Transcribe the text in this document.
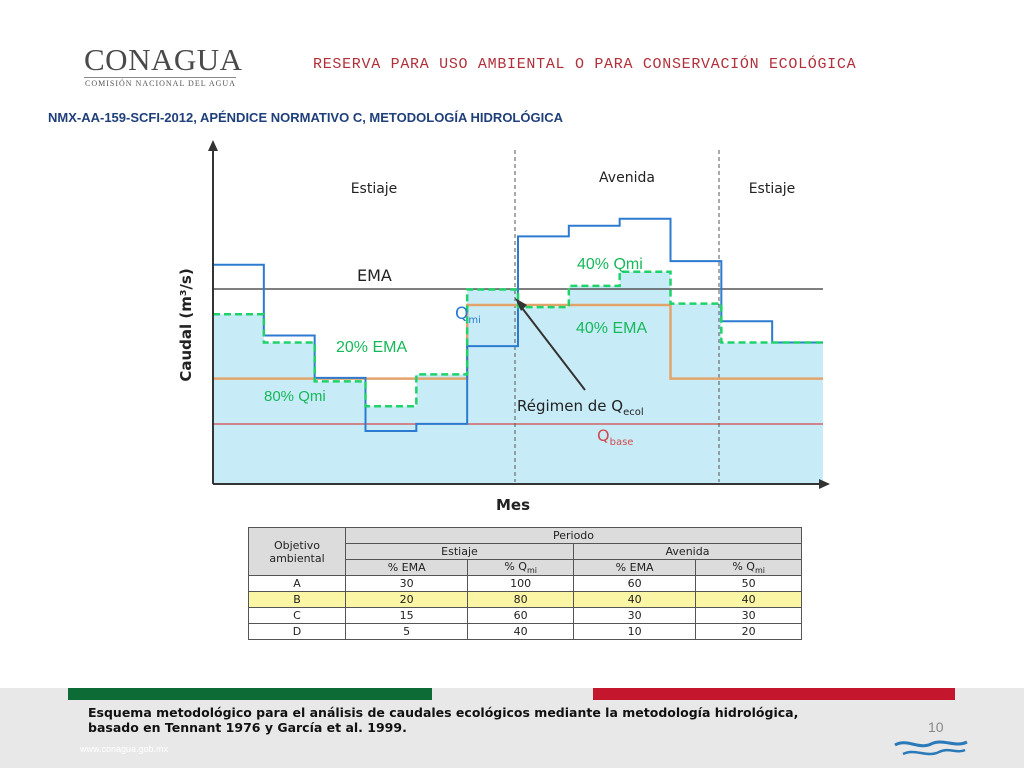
CONAGUA
COMISIÓN NACIONAL DEL AGUA
RESERVA PARA USO AMBIENTAL O PARA CONSERVACIÓN ECOLÓGICA
NMX-AA-159-SCFI-2012, APÉNDICE NORMATIVO C, METODOLOGÍA HIDROLÓGICA
Estiaje
Avenida
Estiaje
Mes
Caudal (m³/s)	EMA
$Q_{mi}$
Régimen de $Q_{ecol}$
$Q_{base}$
40% Qmi
40% EMA
20% EMA
80% Qmi
Objetivo
ambiental	Periodo			
	Estiaje		Avenida	
	% EMA	% $Q_{mi}$	% EMA	% $Q_{mi}$
A	30	100	60	50
B	20	80	40	40
C	15	60	30	30
D	5	40	10	20
Esquema metodológico para el análisis de caudales ecológicos mediante la metodología hidrológica, basado en Tennant 1976 y García et al. 1999.
www.conagua.gob.mx
10
